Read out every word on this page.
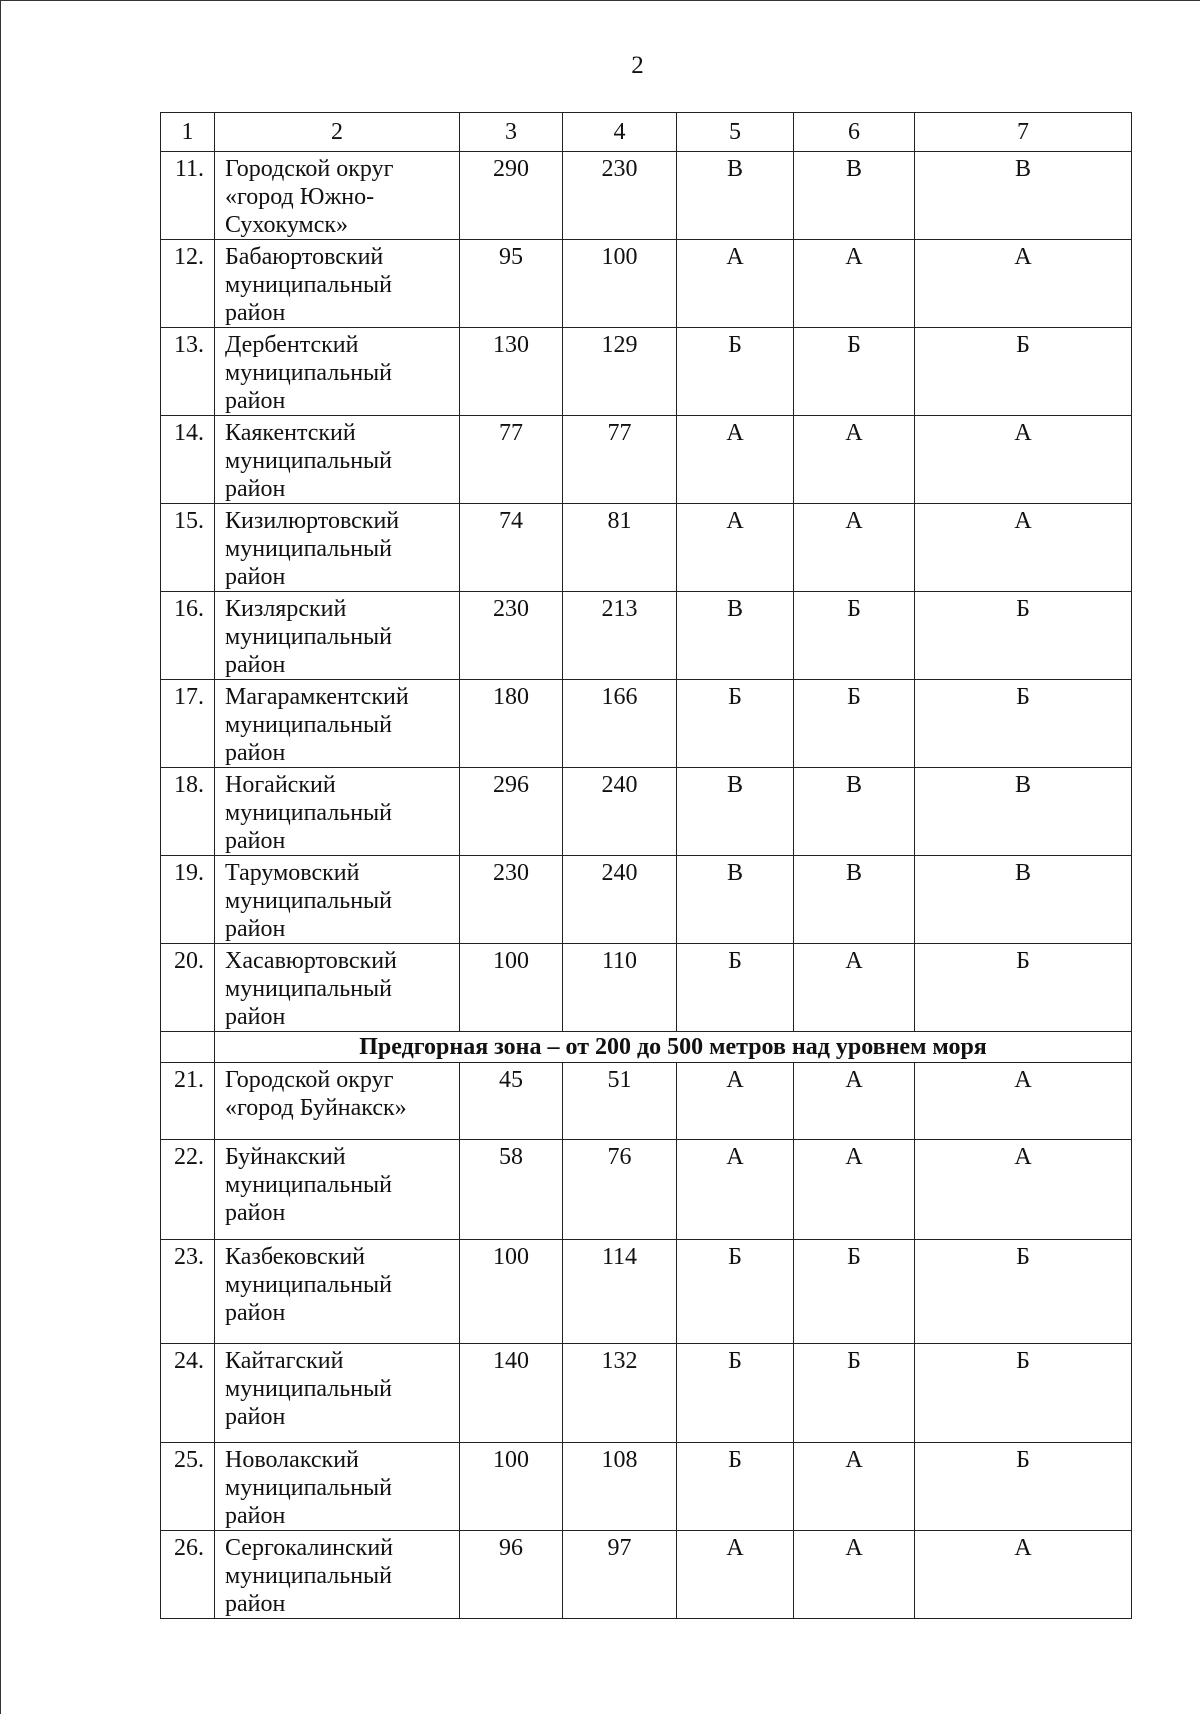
2
1	2	3	4	5	6	7
11.	Городской округ «город Южно-Сухокумск»	290	230	В	В	В
12.	Бабаюртовский муниципальный район	95	100	А	А	А
13.	Дербентский муниципальный район	130	129	Б	Б	Б
14.	Каякентский муниципальный район	77	77	А	А	А
15.	Кизилюртовский муниципальный район	74	81	А	А	А
16.	Кизлярский муниципальный район	230	213	В	Б	Б
17.	Магарамкентский муниципальный район	180	166	Б	Б	Б
18.	Ногайский муниципальный район	296	240	В	В	В
19.	Тарумовский муниципальный район	230	240	В	В	В
20.	Хасавюртовский муниципальный район	100	110	Б	А	Б
	Предгорная зона – от 200 до 500 метров над уровнем моря					
21.	Городской округ «город Буйнакск»	45	51	А	А	А
22.	Буйнакский муниципальный район	58	76	А	А	А
23.	Казбековский муниципальный район	100	114	Б	Б	Б
24.	Кайтагский муниципальный район	140	132	Б	Б	Б
25.	Новолакский муниципальный район	100	108	Б	А	Б
26.	Сергокалинский муниципальный район	96	97	А	А	А
